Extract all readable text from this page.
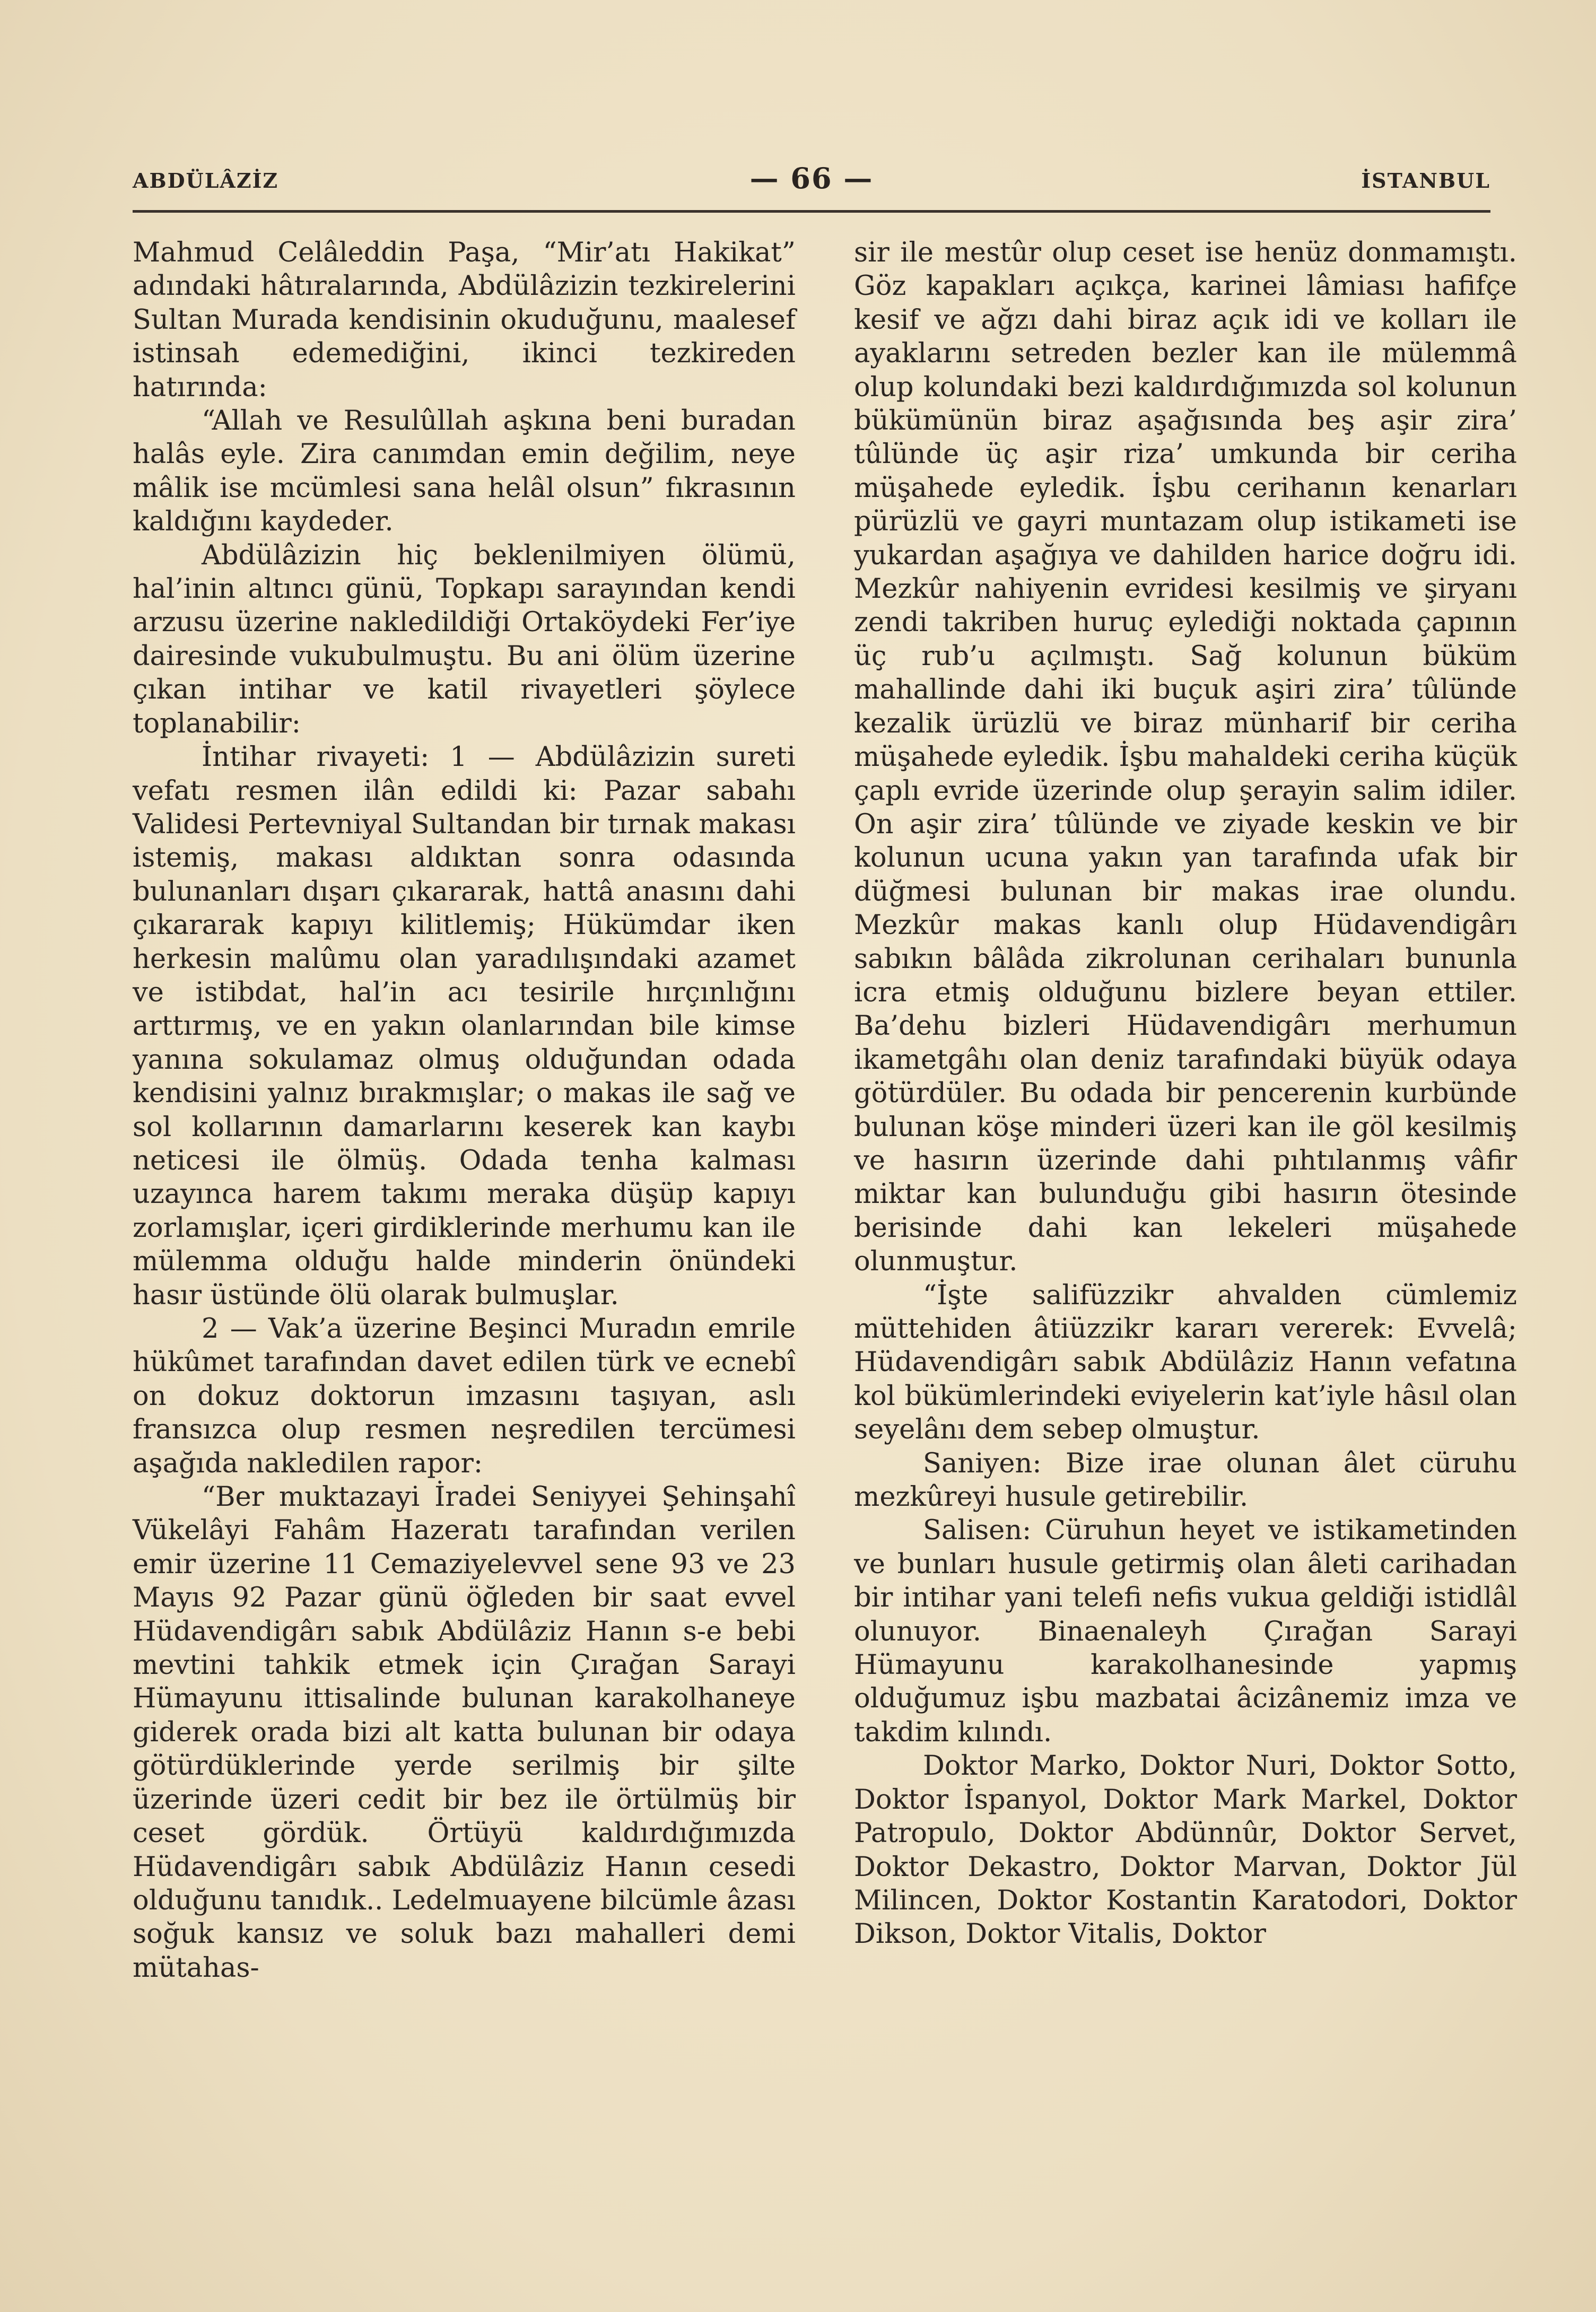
ABDÜLÂZİZ	— 66 —	İSTANBUL

Mahmud Celâleddin Paşa, “Mir’atı Hakikat” adındaki hâtıralarında, Abdülâzizin tezkirelerini Sultan Murada kendisinin okuduğunu, maalesef istinsah edemediğini, ikinci tezkireden hatırında:

“Allah ve Resulûllah aşkına beni buradan halâs eyle. Zira canımdan emin değilim, neye mâlik ise mcümlesi sana helâl olsun” fıkrasının kaldığını kaydeder.

Abdülâzizin hiç beklenilmiyen ölümü, hal’inin altıncı günü, Topkapı sarayından kendi arzusu üzerine nakledildiği Ortaköydeki Fer’iye dairesinde vukubulmuştu. Bu ani ölüm üzerine çıkan intihar ve katil rivayetleri şöylece toplanabilir:

İntihar rivayeti: 1 — Abdülâzizin sureti vefatı resmen ilân edildi ki: Pazar sabahı Validesi Pertevniyal Sultandan bir tırnak makası istemiş, makası aldıktan sonra odasında bulunanları dışarı çıkararak, hattâ anasını dahi çıkararak kapıyı kilitlemiş; Hükümdar iken herkesin malûmu olan yaradılışındaki azamet ve istibdat, hal’in acı tesirile hırçınlığını arttırmış, ve en yakın olanlarından bile kimse yanına sokulamaz olmuş olduğundan odada kendisini yalnız bırakmışlar; o makas ile sağ ve sol kollarının damarlarını keserek kan kaybı neticesi ile ölmüş. Odada tenha kalması uzayınca harem takımı meraka düşüp kapıyı zorlamışlar, içeri girdiklerinde merhumu kan ile mülemma olduğu halde minderin önündeki hasır üstünde ölü olarak bulmuşlar.

2 — Vak’a üzerine Beşinci Muradın emrile hükûmet tarafından davet edilen türk ve ecnebî on dokuz doktorun imzasını taşıyan, aslı fransızca olup resmen neşredilen tercümesi aşağıda nakledilen rapor:

“Ber muktazayi İradei Seniyyei Şehinşahî Vükelâyi Fahâm Hazeratı tarafından verilen emir üzerine 11 Cemaziyelevvel sene 93 ve 23 Mayıs 92 Pazar günü öğleden bir saat evvel Hüdavendigârı sabık Abdülâziz Hanın s-e bebi mevtini tahkik etmek için Çırağan Sarayi Hümayunu ittisalinde bulunan karakolhaneye giderek orada bizi alt katta bulunan bir odaya götürdüklerinde yerde serilmiş bir şilte üzerinde üzeri cedit bir bez ile örtülmüş bir ceset gördük. Örtüyü kaldırdığımızda Hüdavendigârı sabık Abdülâziz Hanın cesedi olduğunu tanıdık.. Ledelmuayene bilcümle âzası soğuk kansız ve soluk bazı mahalleri demi mütahas-

sir ile mestûr olup ceset ise henüz donmamıştı. Göz kapakları açıkça, karinei lâmiası hafifçe kesif ve ağzı dahi biraz açık idi ve kolları ile ayaklarını setreden bezler kan ile mülemmâ olup kolundaki bezi kaldırdığımızda sol kolunun bükümünün biraz aşağısında beş aşir zira’ tûlünde üç aşir riza’ umkunda bir ceriha müşahede eyledik. İşbu cerihanın kenarları pürüzlü ve gayri muntazam olup istikameti ise yukardan aşağıya ve dahilden harice doğru idi. Mezkûr nahiyenin evridesi kesilmiş ve şiryanı zendi takriben huruç eylediği noktada çapının üç rub’u açılmıştı. Sağ kolunun büküm mahallinde dahi iki buçuk aşiri zira’ tûlünde kezalik ürüzlü ve biraz münharif bir ceriha müşahede eyledik. İşbu mahaldeki ceriha küçük çaplı evride üzerinde olup şerayin salim idiler. On aşir zira’ tûlünde ve ziyade keskin ve bir kolunun ucuna yakın yan tarafında ufak bir düğmesi bulunan bir makas irae olundu. Mezkûr makas kanlı olup Hüdavendigârı sabıkın bâlâda zikrolunan cerihaları bununla icra etmiş olduğunu bizlere beyan ettiler. Ba’dehu bizleri Hüdavendigârı merhumun ikametgâhı olan deniz tarafındaki büyük odaya götürdüler. Bu odada bir pencerenin kurbünde bulunan köşe minderi üzeri kan ile göl kesilmiş ve hasırın üzerinde dahi pıhtılanmış vâfir miktar kan bulunduğu gibi hasırın ötesinde berisinde dahi kan lekeleri müşahede olunmuştur.

“İşte salifüzzikr ahvalden cümlemiz müttehiden âtiüzzikr kararı vererek: Evvelâ; Hüdavendigârı sabık Abdülâziz Hanın vefatına kol bükümlerindeki eviyelerin kat’iyle hâsıl olan seyelânı dem sebep olmuştur.

Saniyen: Bize irae olunan âlet cüruhu mezkûreyi husule getirebilir.

Salisen: Cüruhun heyet ve istikametinden ve bunları husule getirmiş olan âleti carihadan bir intihar yani telefi nefis vukua geldiği istidlâl olunuyor. Binaenaleyh Çırağan Sarayi Hümayunu karakolhanesinde yapmış olduğumuz işbu mazbatai âcizânemiz imza ve takdim kılındı.

Doktor Marko, Doktor Nuri, Doktor Sotto, Doktor İspanyol, Doktor Mark Markel, Doktor Patropulo, Doktor Abdünnûr, Doktor Servet, Doktor Dekastro, Doktor Marvan, Doktor Jül Milincen, Doktor Kostantin Karatodori, Doktor Dikson, Doktor Vitalis, Doktor
